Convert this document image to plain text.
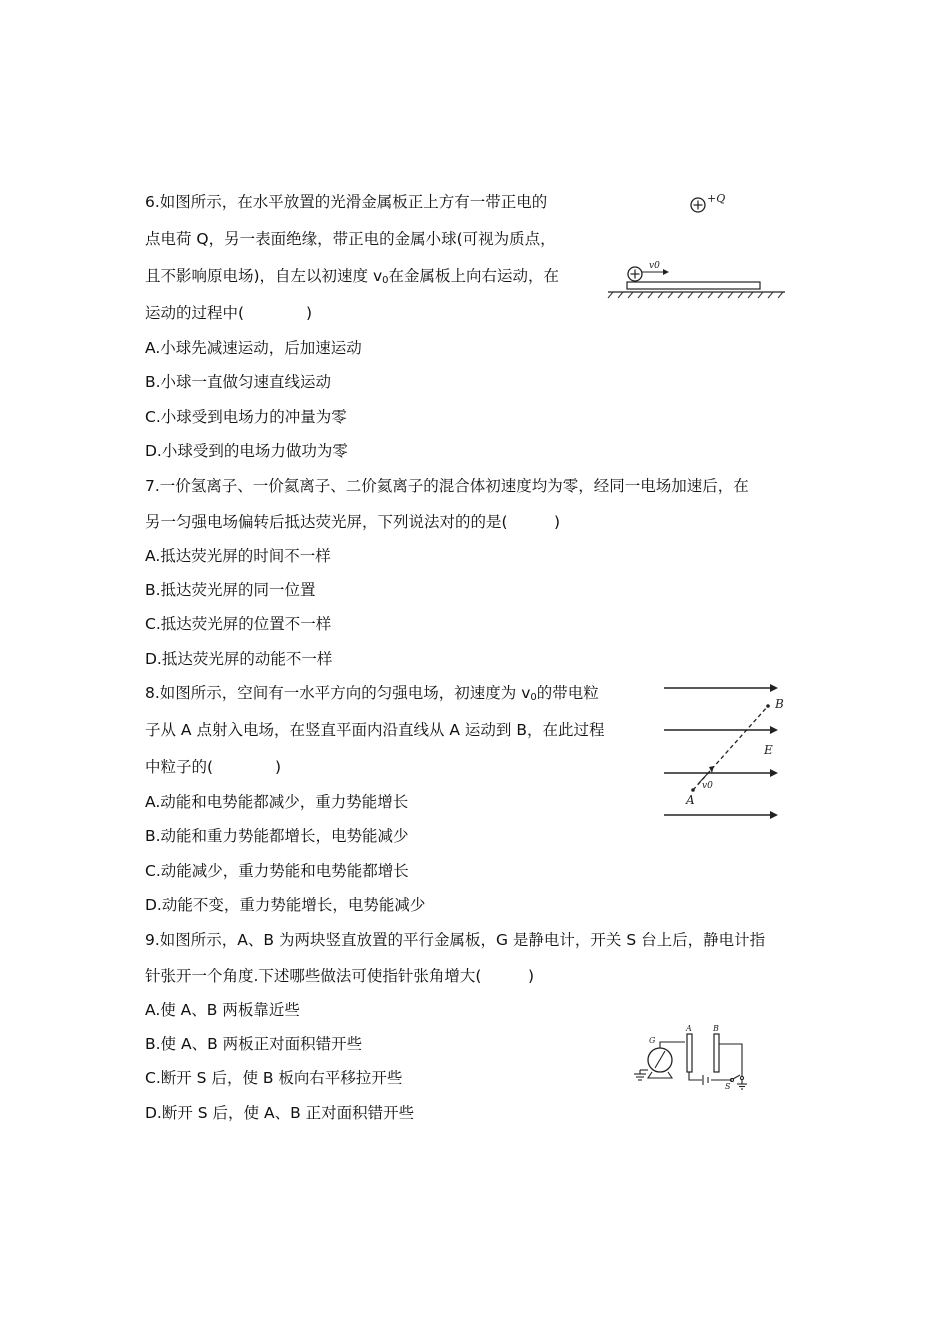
6.如图所示，在水平放置的光滑金属板正上方有一带正电的
点电荷 Q，另一表面绝缘，带正电的金属小球(可视为质点，
且不影响原电场)，自左以初速度 $v_0$在金属板上向右运动，在
运动的过程中(　　　　)
A.小球先减速运动，后加速运动
B.小球一直做匀速直线运动
C.小球受到电场力的冲量为零
D.小球受到的电场力做功为零
+Q
v0
7.一价氢离子、一价氦离子、二价氦离子的混合体初速度均为零，经同一电场加速后，在
另一匀强电场偏转后抵达荧光屏，下列说法对的的是(　　　)
A.抵达荧光屏的时间不一样
B.抵达荧光屏的同一位置
C.抵达荧光屏的位置不一样
D.抵达荧光屏的动能不一样
8.如图所示，空间有一水平方向的匀强电场，初速度为 $v_0$的带电粒
子从 A 点射入电场，在竖直平面内沿直线从 A 运动到 B，在此过程
中粒子的(　　　　)
A.动能和电势能都减少，重力势能增长
B.动能和重力势能都增长，电势能减少
C.动能减少，重力势能和电势能都增长
D.动能不变，重力势能增长，电势能减少
A
B
E
v0
9.如图所示，A、B 为两块竖直放置的平行金属板，G 是静电计，开关 S 台上后，静电计指
针张开一个角度.下述哪些做法可使指针张角增大(　　　)
A.使 A、B 两板靠近些
B.使 A、B 两板正对面积错开些
C.断开 S 后，使 B 板向右平移拉开些
D.断开 S 后，使 A、B 正对面积错开些
A	B
G
S
